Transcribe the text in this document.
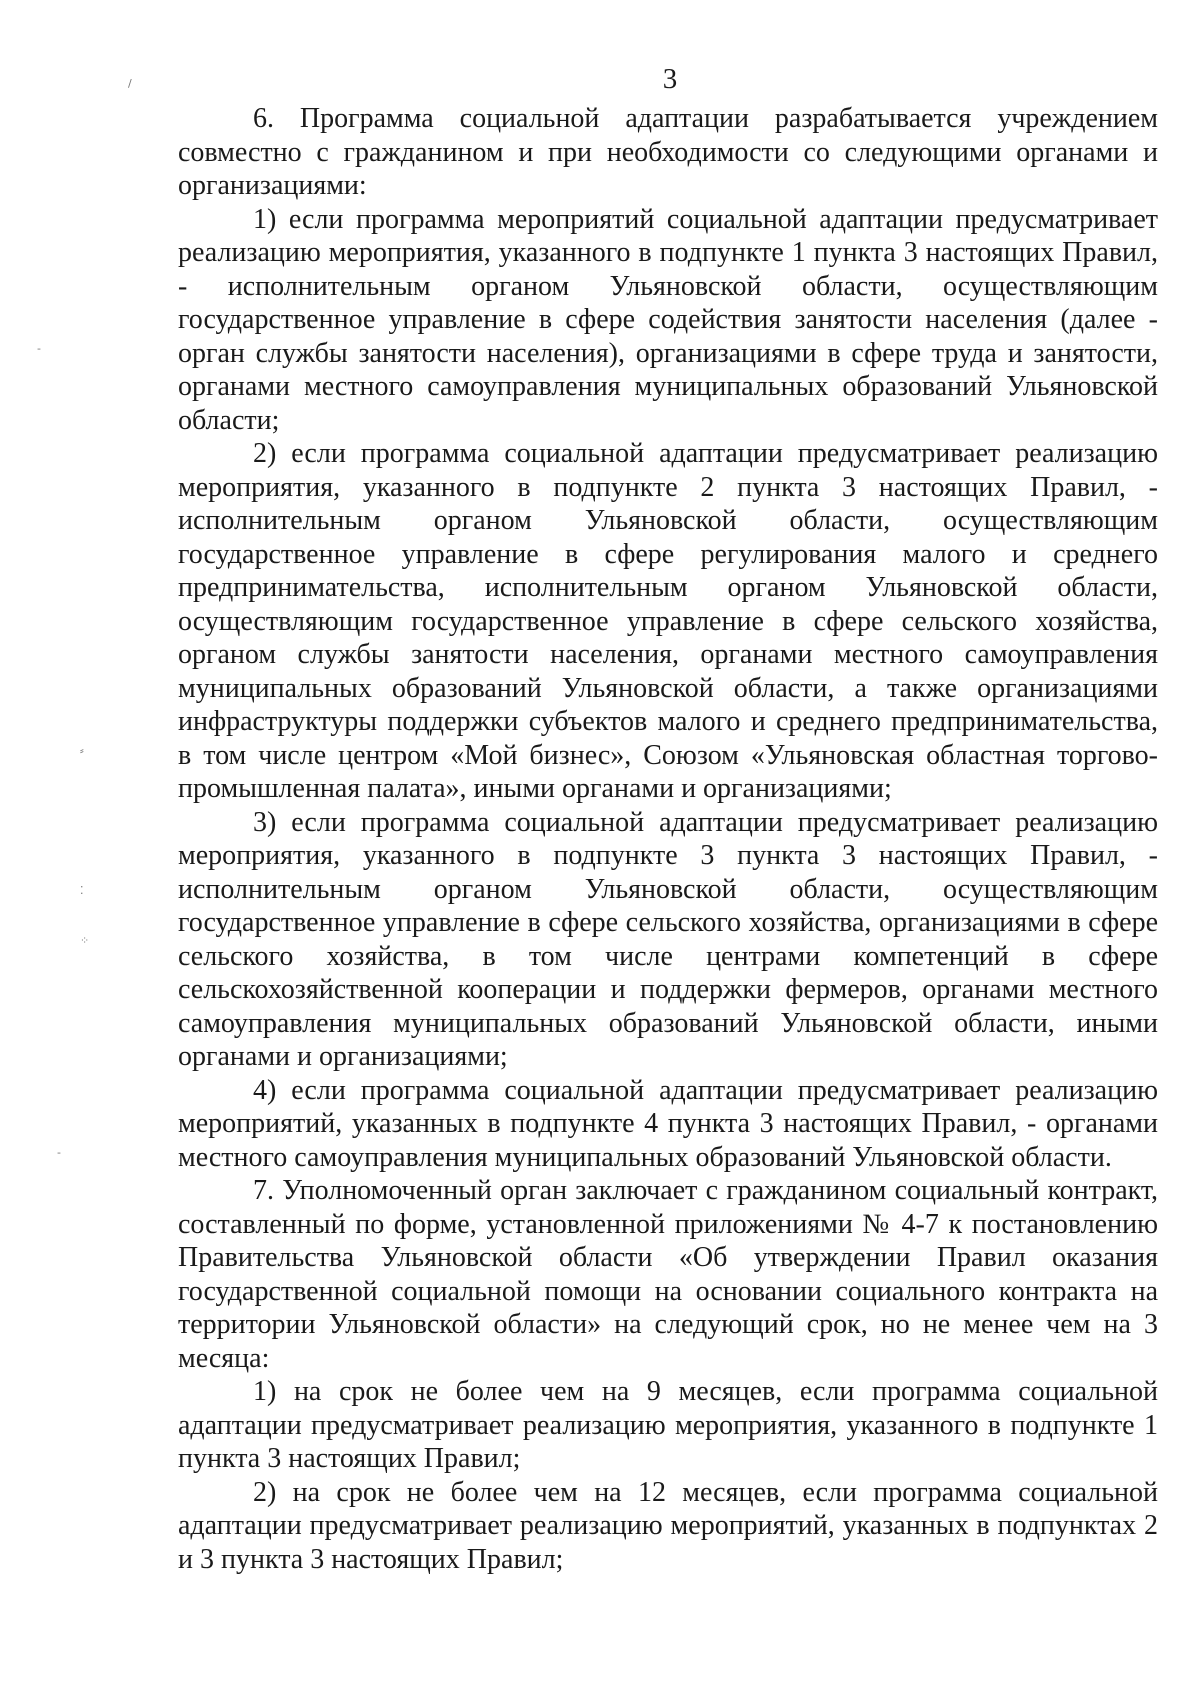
3
/
-
⸗
⁚
⁘
-

6. Программа социальной адаптации разрабатывается учреждением совместно с гражданином и при необходимости со следующими органами и организациями:

1) если программа мероприятий социальной адаптации предусматривает реализацию мероприятия, указанного в подпункте 1 пункта 3 настоящих Правил, - исполнительным органом Ульяновской области, осуществляющим государственное управление в сфере содействия занятости населения (далее - орган службы занятости населения), организациями в сфере труда и занятости, органами местного самоуправления муниципальных образований Ульяновской области;

2) если программа социальной адаптации предусматривает реализацию мероприятия, указанного в подпункте 2 пункта 3 настоящих Правил, - исполнительным органом Ульяновской области, осуществляющим государственное управление в сфере регулирования малого и среднего предпринимательства, исполнительным органом Ульяновской области, осуществляющим государственное управление в сфере сельского хозяйства, органом службы занятости населения, органами местного самоуправления муниципальных образований Ульяновской области, а также организациями инфраструктуры поддержки субъектов малого и среднего предпринимательства, в том числе центром «Мой бизнес», Союзом «Ульяновская областная торгово-промышленная палата», иными органами и организациями;

3) если программа социальной адаптации предусматривает реализацию мероприятия, указанного в подпункте 3 пункта 3 настоящих Правил, - исполнительным органом Ульяновской области, осуществляющим государственное управление в сфере сельского хозяйства, организациями в сфере сельского хозяйства, в том числе центрами компетенций в сфере сельскохозяйственной кооперации и поддержки фермеров, органами местного самоуправления муниципальных образований Ульяновской области, иными органами и организациями;

4) если программа социальной адаптации предусматривает реализацию мероприятий, указанных в подпункте 4 пункта 3 настоящих Правил, - органами местного самоуправления муниципальных образований Ульяновской области.

7. Уполномоченный орган заключает с гражданином социальный контракт, составленный по форме, установленной приложениями № 4-7 к постановлению Правительства Ульяновской области «Об утверждении Правил оказания государственной социальной помощи на основании социального контракта на территории Ульяновской области» на следующий срок, но не менее чем на 3 месяца:

1) на срок не более чем на 9 месяцев, если программа социальной адаптации предусматривает реализацию мероприятия, указанного в подпункте 1 пункта 3 настоящих Правил;

2) на срок не более чем на 12 месяцев, если программа социальной адаптации предусматривает реализацию мероприятий, указанных в подпунктах 2 и 3 пункта 3 настоящих Правил;
